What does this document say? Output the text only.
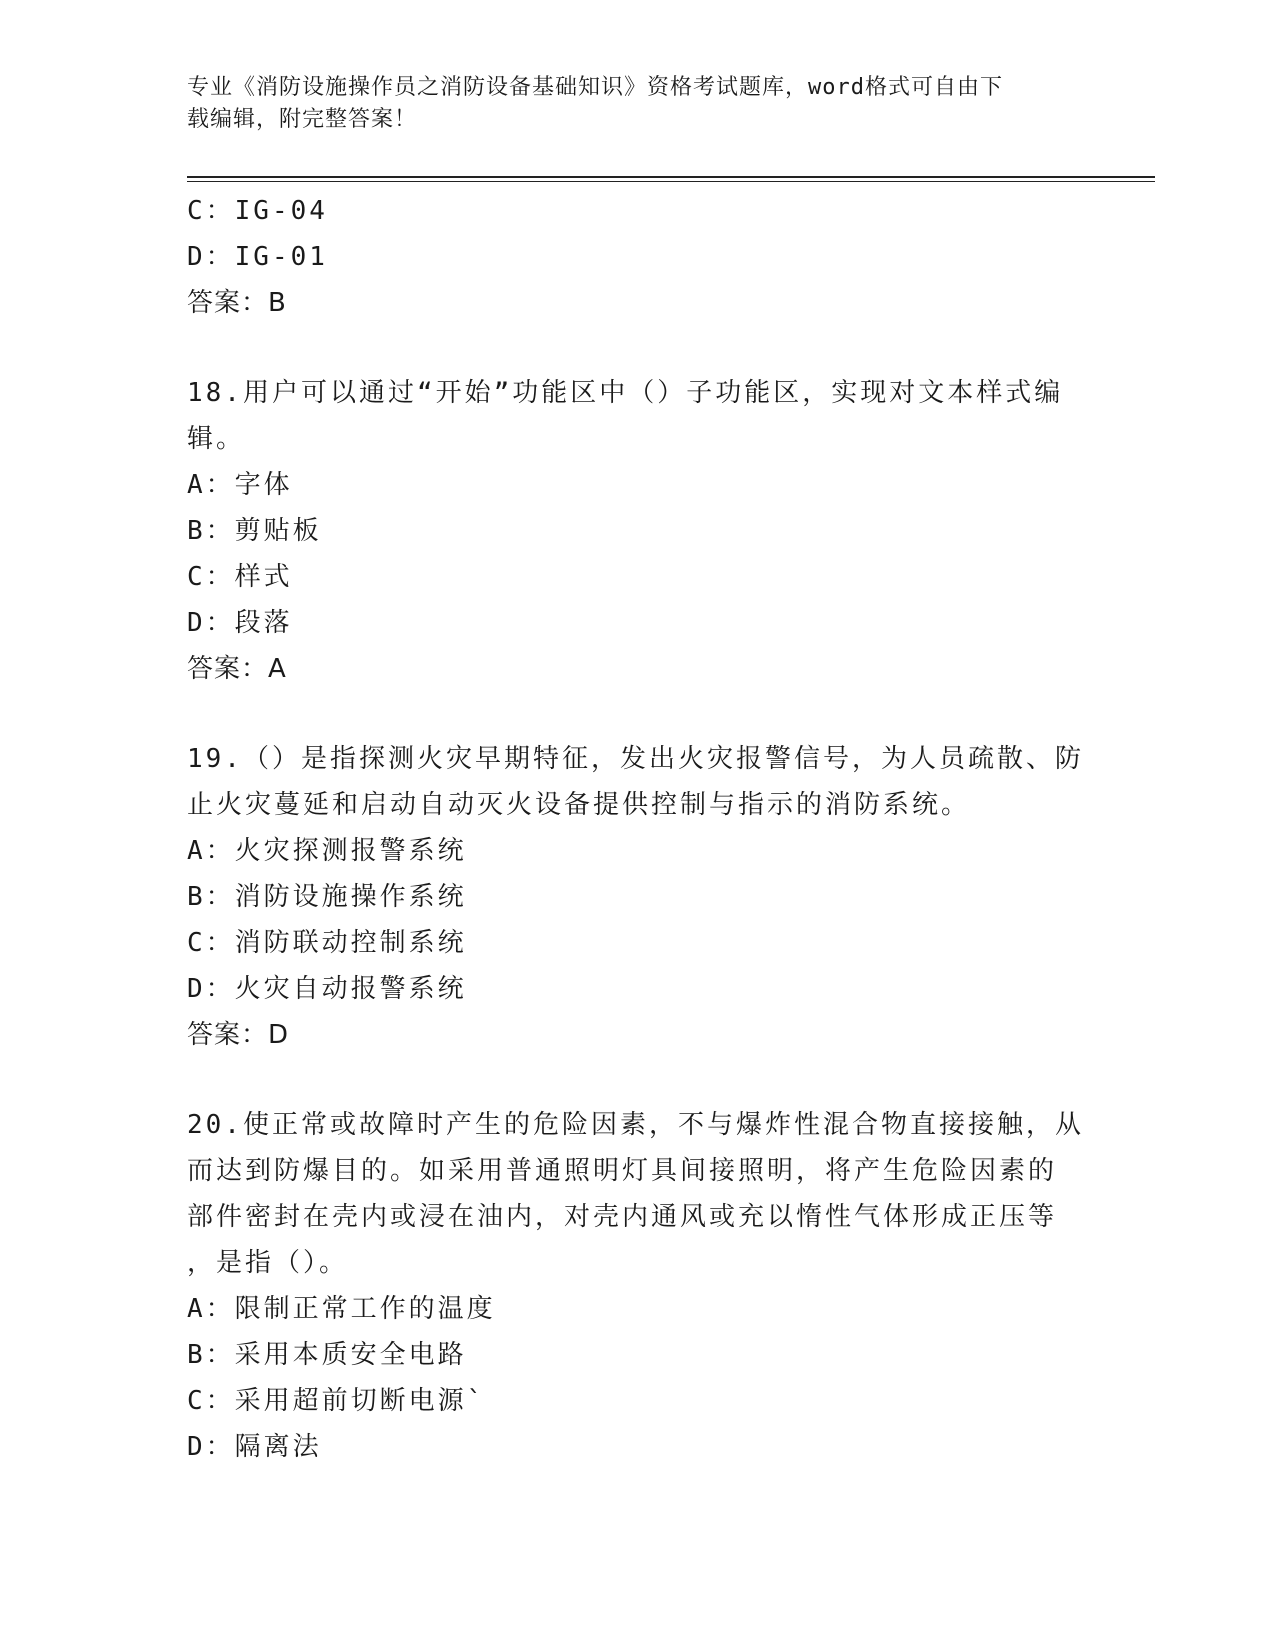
专业《消防设施操作员之消防设备基础知识》资格考试题库，word格式可自由下
载编辑，附完整答案！
C：IG-04
D：IG-01
答案：B
18.用户可以通过“开始”功能区中（）子功能区，实现对文本样式编
辑。
A：字体
B：剪贴板
C：样式
D：段落
答案：A
19.（）是指探测火灾早期特征，发出火灾报警信号，为人员疏散、防
止火灾蔓延和启动自动灭火设备提供控制与指示的消防系统。
A：火灾探测报警系统
B：消防设施操作系统
C：消防联动控制系统
D：火灾自动报警系统
答案：D
20.使正常或故障时产生的危险因素，不与爆炸性混合物直接接触，从
而达到防爆目的。如采用普通照明灯具间接照明，将产生危险因素的
部件密封在壳内或浸在油内，对壳内通风或充以惰性气体形成正压等
，是指（）。
A：限制正常工作的温度
B：采用本质安全电路
C：采用超前切断电源`
D：隔离法
